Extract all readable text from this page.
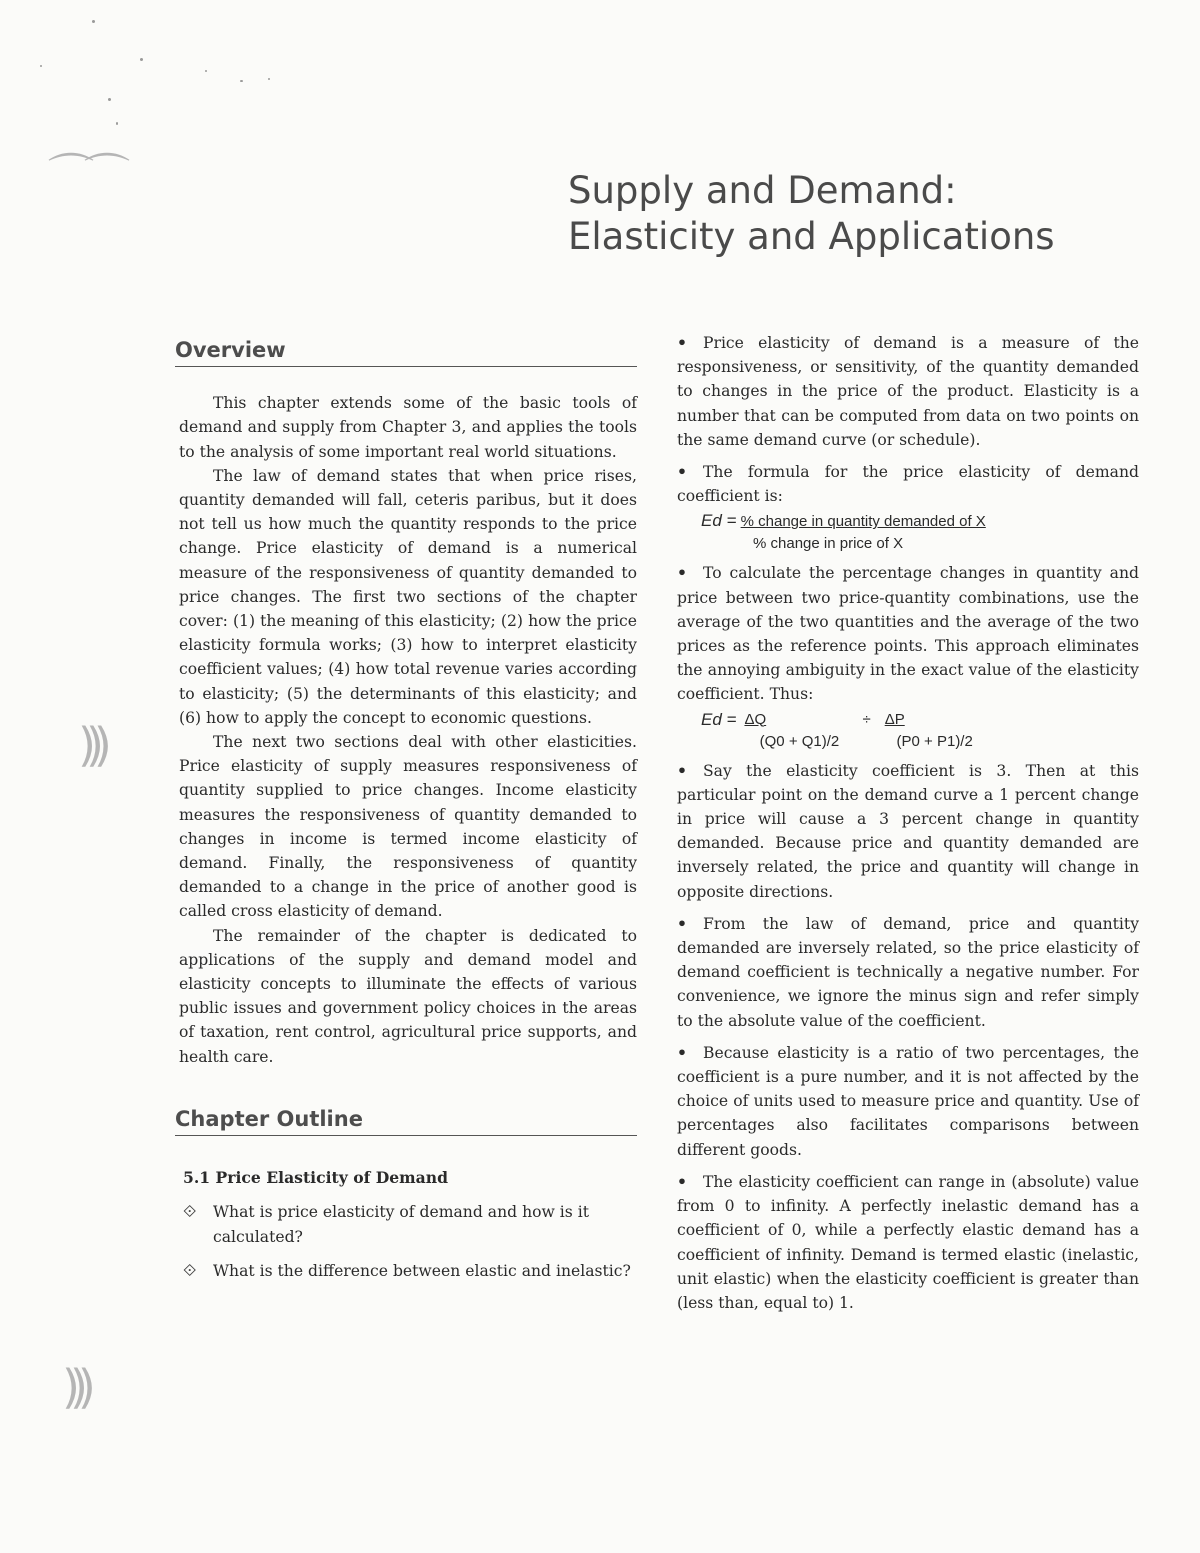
⌒⌒
)))
)))
Supply and Demand:
Elasticity and Applications
Overview

This chapter extends some of the basic tools of demand and supply from Chapter 3, and applies the tools to the analysis of some important real world situations.

The law of demand states that when price rises, quantity demanded will fall, ceteris paribus, but it does not tell us how much the quantity responds to the price change. Price elasticity of demand is a numerical measure of the responsiveness of quantity demanded to price changes. The first two sections of the chapter cover: (1) the meaning of this elasticity; (2) how the price elasticity formula works; (3) how to interpret elasticity coefficient values; (4) how total revenue varies according to elasticity; (5) the determinants of this elasticity; and (6) how to apply the concept to economic questions.

The next two sections deal with other elasticities. Price elasticity of supply measures responsiveness of quantity supplied to price changes. Income elasticity measures the responsiveness of quantity demanded to changes in income is termed income elasticity of demand. Finally, the responsiveness of quantity demanded to a change in the price of another good is called cross elasticity of demand.

The remainder of the chapter is dedicated to applications of the supply and demand model and elasticity concepts to illuminate the effects of various public issues and government policy choices in the areas of taxation, rent control, agricultural price supports, and health care.

Chapter Outline
5.1 Price Elasticity of Demand
⟐	What is price elasticity of demand and how is it calculated?
⟐	What is the difference between elastic and inelastic?
• Price elasticity of demand is a measure of the responsiveness, or sensitivity, of the quantity demanded to changes in the price of the product. Elasticity is a number that can be computed from data on two points on the same demand curve (or schedule).
• The formula for the price elasticity of demand coefficient is:
Ed = % change in quantity demanded of X
% change in price of X
• To calculate the percentage changes in quantity and price between two price-quantity combinations, use the average of the two quantities and the average of the two prices as the reference points. This approach eliminates the annoying ambiguity in the exact value of the elasticity coefficient. Thus:
Ed = ΔQ
(Q0 + Q1)/2
÷ ΔP
(P0 + P1)/2
• Say the elasticity coefficient is 3. Then at this particular point on the demand curve a 1 percent change in price will cause a 3 percent change in quantity demanded. Because price and quantity demanded are inversely related, the price and quantity will change in opposite directions.
• From the law of demand, price and quantity demanded are inversely related, so the price elasticity of demand coefficient is technically a negative number. For convenience, we ignore the minus sign and refer simply to the absolute value of the coefficient.
• Because elasticity is a ratio of two percentages, the coefficient is a pure number, and it is not affected by the choice of units used to measure price and quantity. Use of percentages also facilitates comparisons between different goods.
• The elasticity coefficient can range in (absolute) value from 0 to infinity. A perfectly inelastic demand has a coefficient of 0, while a perfectly elastic demand has a coefficient of infinity. Demand is termed elastic (inelastic, unit elastic) when the elasticity coefficient is greater than (less than, equal to) 1.
